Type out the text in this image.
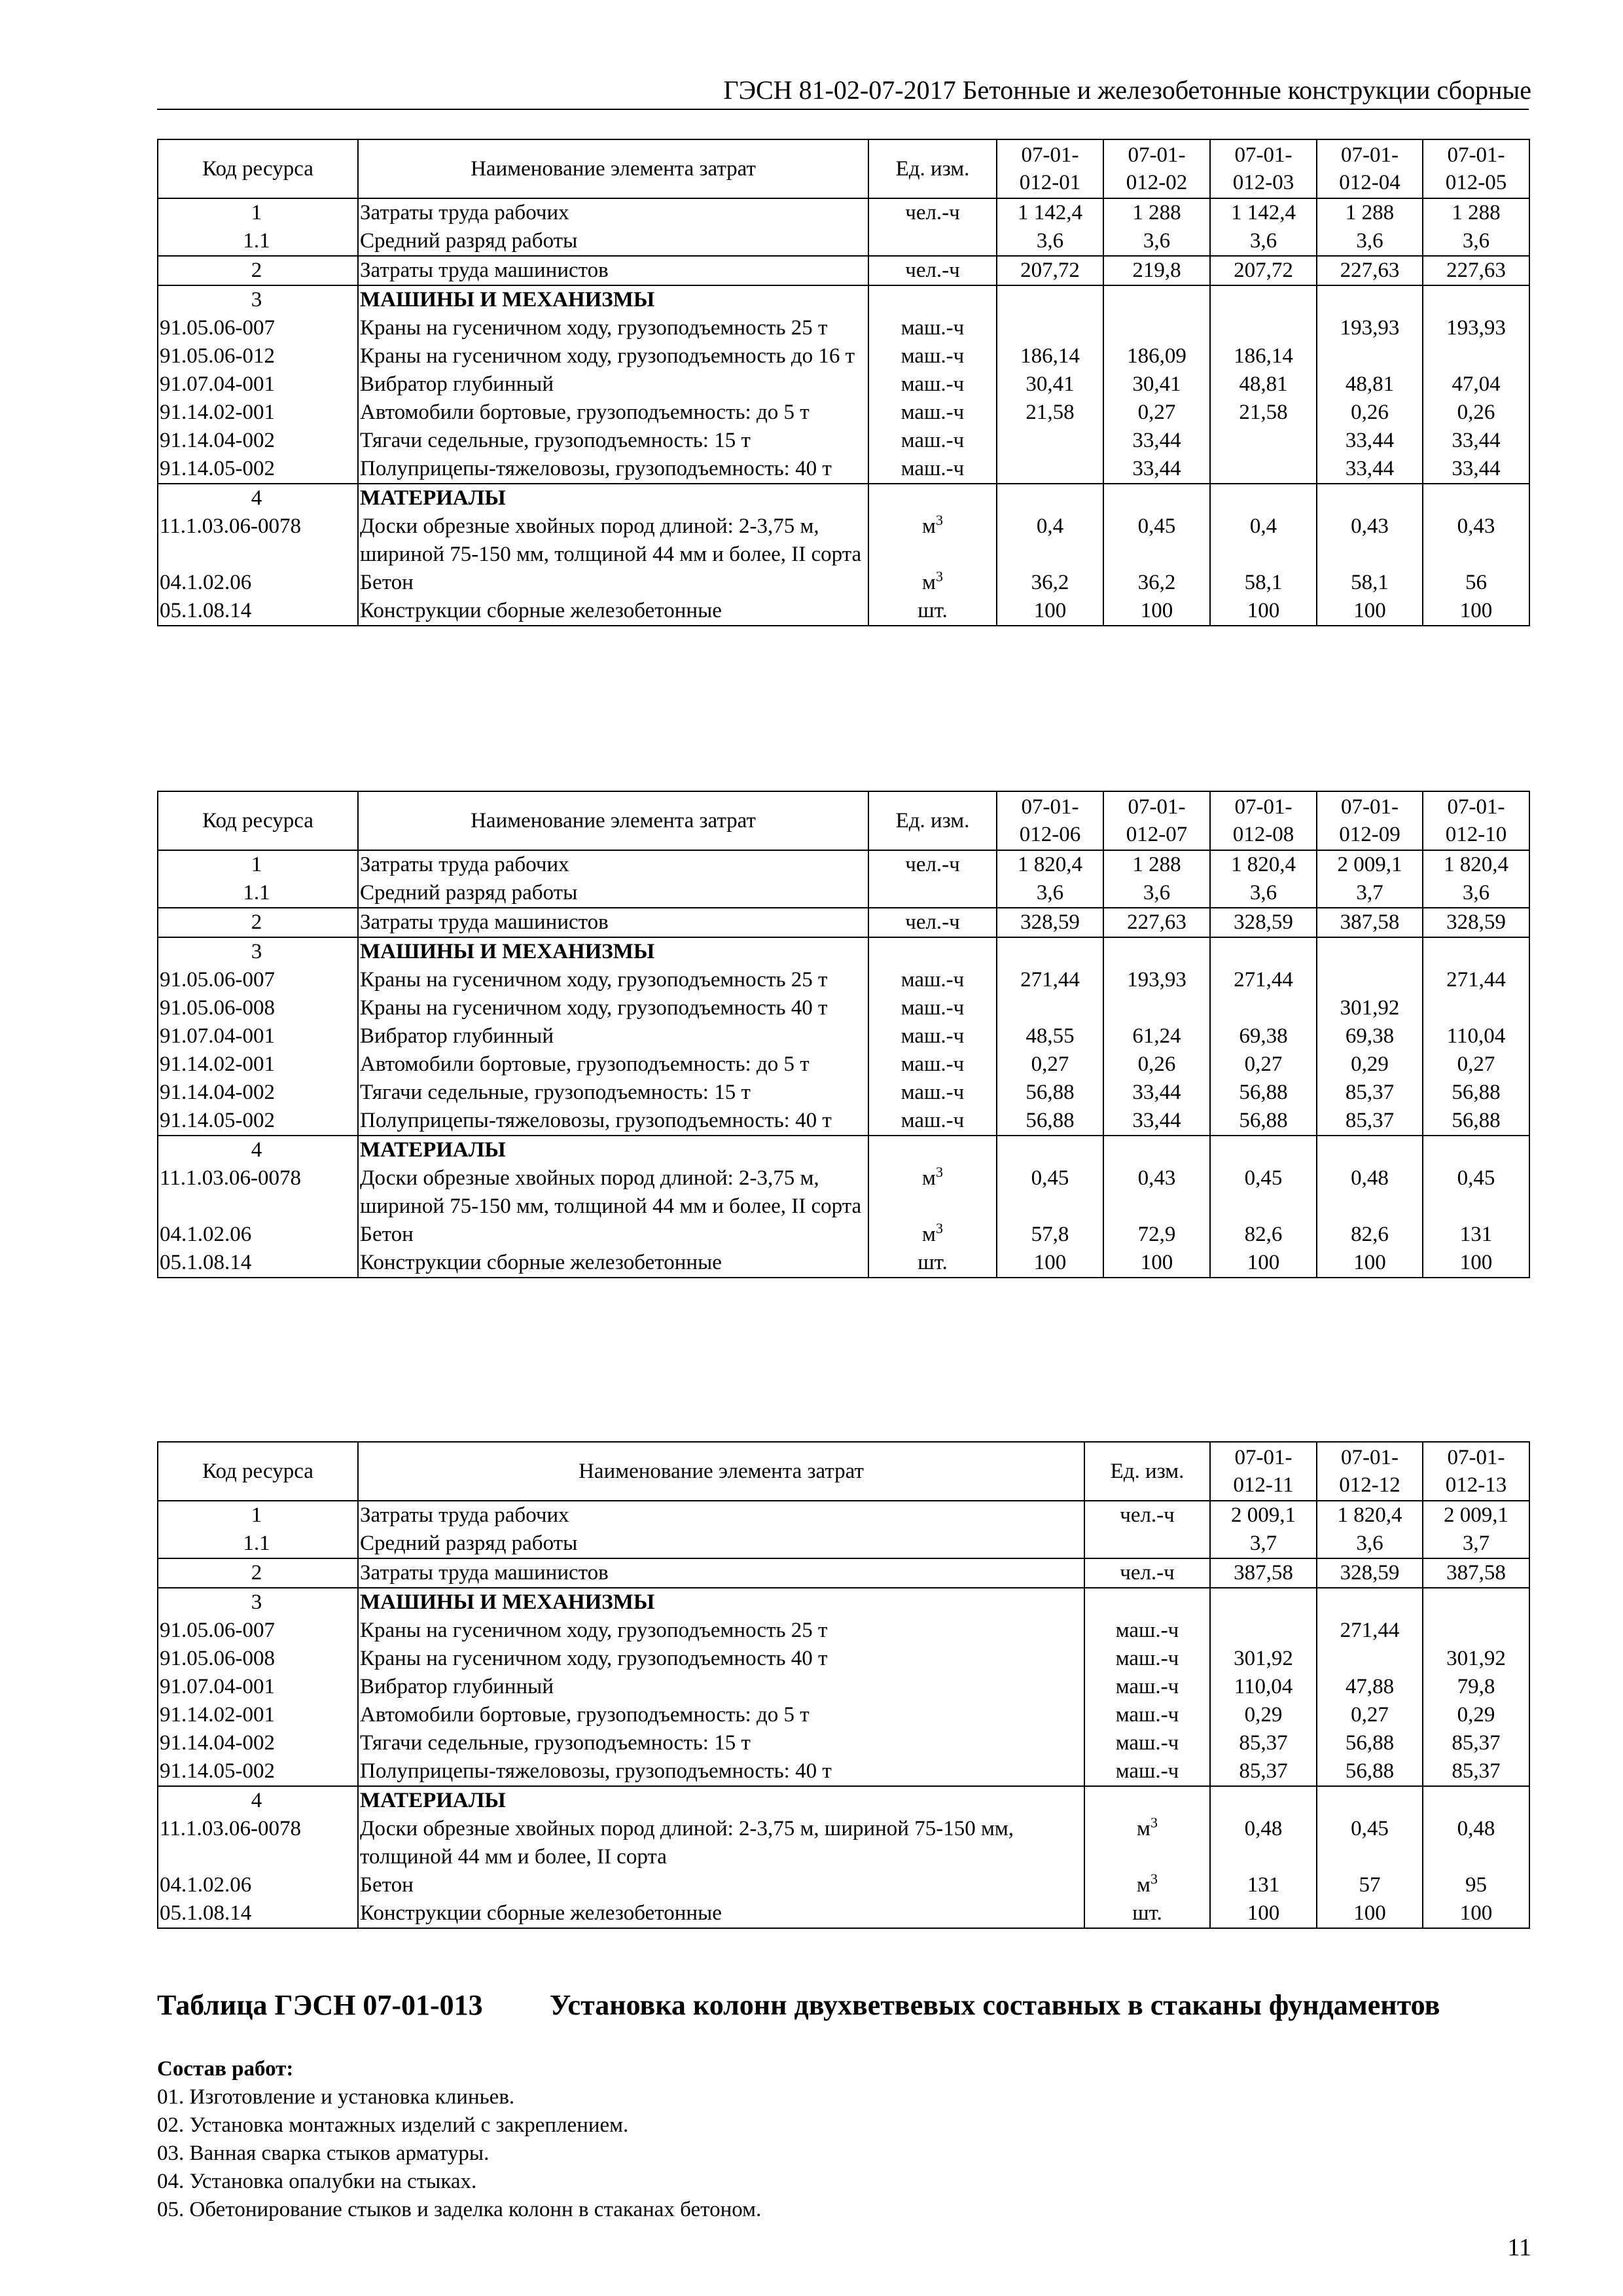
ГЭСН 81-02-07-2017 Бетонные и железобетонные конструкции сборные
Код ресурса	Наименование элемента затрат	Ед. изм.	07-01-
012-01	07-01-
012-02	07-01-
012-03	07-01-
012-04	07-01-
012-05
1	Затраты труда рабочих	чел.-ч	1 142,4	1 288	1 142,4	1 288	1 288
1.1	Средний разряд работы		3,6	3,6	3,6	3,6	3,6
2	Затраты труда машинистов	чел.-ч	207,72	219,8	207,72	227,63	227,63
3	МАШИНЫ И МЕХАНИЗМЫ						
91.05.06-007	Краны на гусеничном ходу, грузоподъемность 25 т	маш.-ч				193,93	193,93
91.05.06-012	Краны на гусеничном ходу, грузоподъемность до 16 т	маш.-ч	186,14	186,09	186,14		
91.07.04-001	Вибратор глубинный	маш.-ч	30,41	30,41	48,81	48,81	47,04
91.14.02-001	Автомобили бортовые, грузоподъемность: до 5 т	маш.-ч	21,58	0,27	21,58	0,26	0,26
91.14.04-002	Тягачи седельные, грузоподъемность: 15 т	маш.-ч		33,44		33,44	33,44
91.14.05-002	Полуприцепы-тяжеловозы, грузоподъемность: 40 т	маш.-ч		33,44		33,44	33,44
4	МАТЕРИАЛЫ						
11.1.03.06-0078	Доски обрезные хвойных пород длиной: 2-3,75 м, шириной 75-150 мм, толщиной 44 мм и более, II сорта	$м^3$	0,4	0,45	0,4	0,43	0,43
04.1.02.06	Бетон	$м^3$	36,2	36,2	58,1	58,1	56
05.1.08.14	Конструкции сборные железобетонные	шт.	100	100	100	100	100
Код ресурса	Наименование элемента затрат	Ед. изм.	07-01-
012-06	07-01-
012-07	07-01-
012-08	07-01-
012-09	07-01-
012-10
1	Затраты труда рабочих	чел.-ч	1 820,4	1 288	1 820,4	2 009,1	1 820,4
1.1	Средний разряд работы		3,6	3,6	3,6	3,7	3,6
2	Затраты труда машинистов	чел.-ч	328,59	227,63	328,59	387,58	328,59
3	МАШИНЫ И МЕХАНИЗМЫ						
91.05.06-007	Краны на гусеничном ходу, грузоподъемность 25 т	маш.-ч	271,44	193,93	271,44		271,44
91.05.06-008	Краны на гусеничном ходу, грузоподъемность 40 т	маш.-ч				301,92	
91.07.04-001	Вибратор глубинный	маш.-ч	48,55	61,24	69,38	69,38	110,04
91.14.02-001	Автомобили бортовые, грузоподъемность: до 5 т	маш.-ч	0,27	0,26	0,27	0,29	0,27
91.14.04-002	Тягачи седельные, грузоподъемность: 15 т	маш.-ч	56,88	33,44	56,88	85,37	56,88
91.14.05-002	Полуприцепы-тяжеловозы, грузоподъемность: 40 т	маш.-ч	56,88	33,44	56,88	85,37	56,88
4	МАТЕРИАЛЫ						
11.1.03.06-0078	Доски обрезные хвойных пород длиной: 2-3,75 м, шириной 75-150 мм, толщиной 44 мм и более, II сорта	$м^3$	0,45	0,43	0,45	0,48	0,45
04.1.02.06	Бетон	$м^3$	57,8	72,9	82,6	82,6	131
05.1.08.14	Конструкции сборные железобетонные	шт.	100	100	100	100	100
Код ресурса	Наименование элемента затрат	Ед. изм.	07-01-
012-11	07-01-
012-12	07-01-
012-13
1	Затраты труда рабочих	чел.-ч	2 009,1	1 820,4	2 009,1
1.1	Средний разряд работы		3,7	3,6	3,7
2	Затраты труда машинистов	чел.-ч	387,58	328,59	387,58
3	МАШИНЫ И МЕХАНИЗМЫ				
91.05.06-007	Краны на гусеничном ходу, грузоподъемность 25 т	маш.-ч		271,44	
91.05.06-008	Краны на гусеничном ходу, грузоподъемность 40 т	маш.-ч	301,92		301,92
91.07.04-001	Вибратор глубинный	маш.-ч	110,04	47,88	79,8
91.14.02-001	Автомобили бортовые, грузоподъемность: до 5 т	маш.-ч	0,29	0,27	0,29
91.14.04-002	Тягачи седельные, грузоподъемность: 15 т	маш.-ч	85,37	56,88	85,37
91.14.05-002	Полуприцепы-тяжеловозы, грузоподъемность: 40 т	маш.-ч	85,37	56,88	85,37
4	МАТЕРИАЛЫ				
11.1.03.06-0078	Доски обрезные хвойных пород длиной: 2-3,75 м, шириной 75-150 мм, толщиной 44 мм и более, II сорта	$м^3$	0,48	0,45	0,48
04.1.02.06	Бетон	$м^3$	131	57	95
05.1.08.14	Конструкции сборные железобетонные	шт.	100	100	100
Таблица ГЭСН 07-01-013 Установка колонн двухветвевых составных в стаканы фундаментов
Состав работ:
01. Изготовление и установка клиньев.
02. Установка монтажных изделий с закреплением.
03. Ванная сварка стыков арматуры.
04. Установка опалубки на стыках.
05. Обетонирование стыков и заделка колонн в стаканах бетоном.
11
